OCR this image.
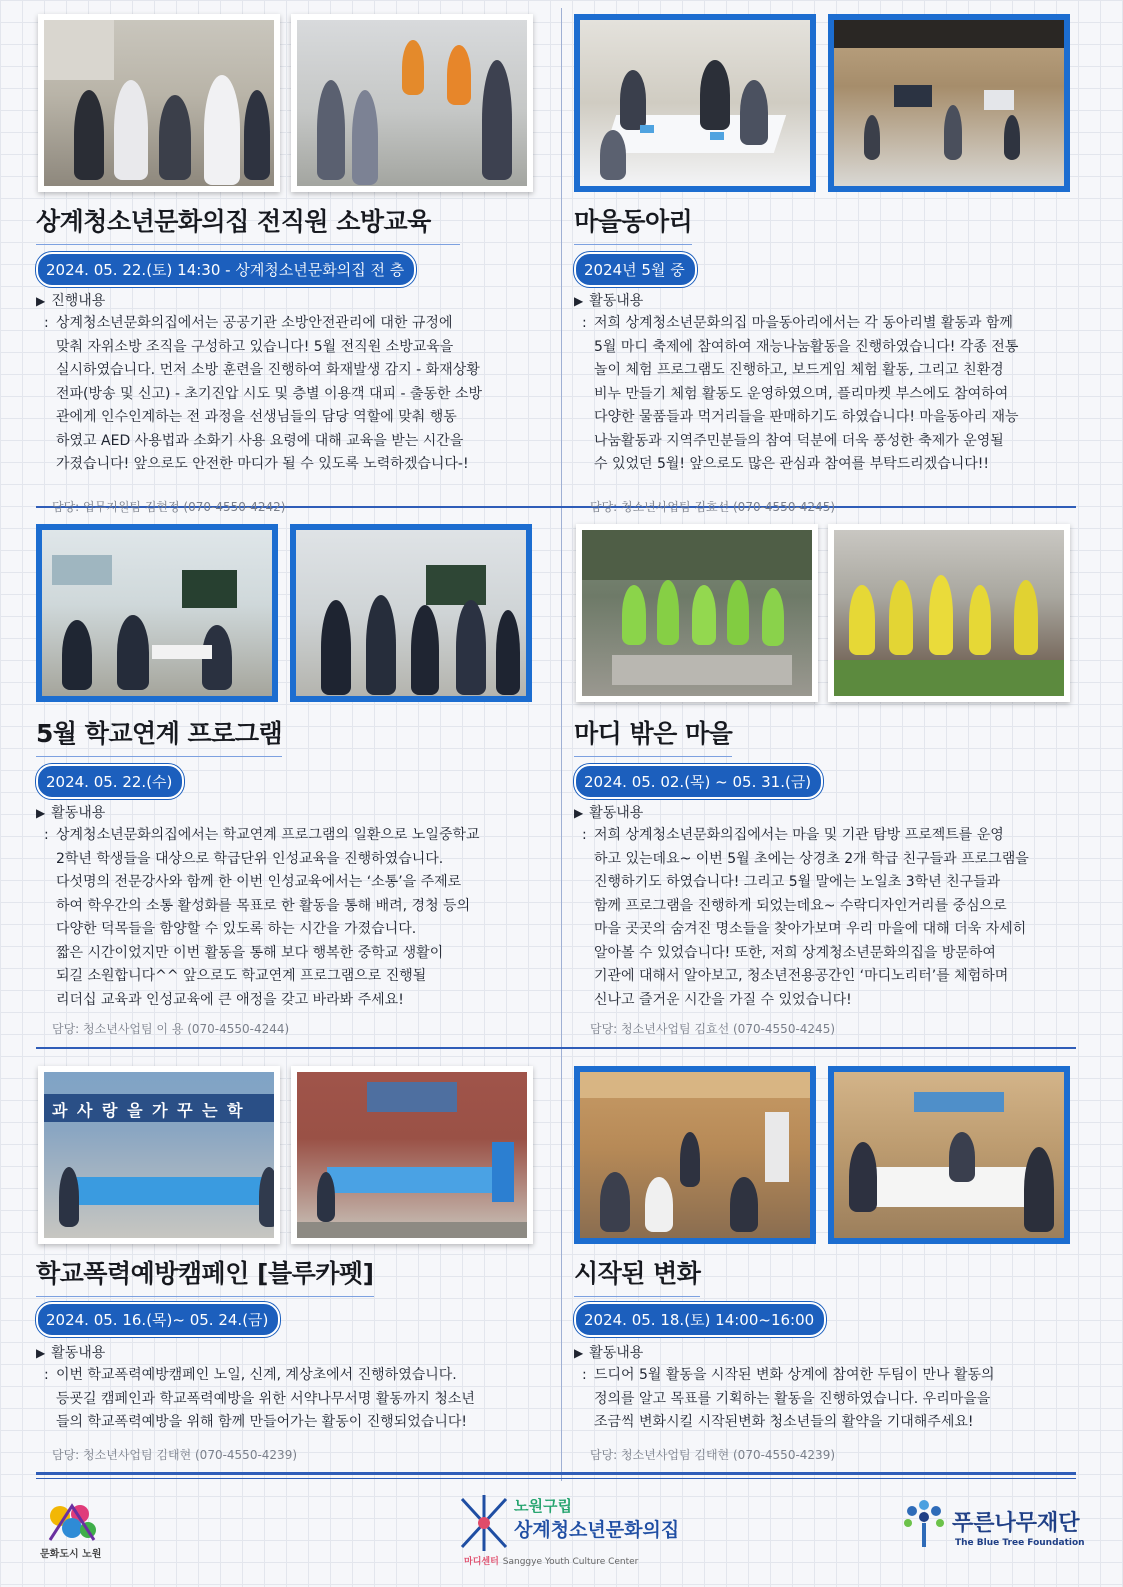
상계청소년문화의집 전직원 소방교육
2024. 05. 22.(토) 14:30 - 상계청소년문화의집 전 층
▶ 진행내용
: 상계청소년문화의집에서는 공공기관 소방안전관리에 대한 규정에
맞춰 자위소방 조직을 구성하고 있습니다! 5월 전직원 소방교육을
실시하였습니다. 먼저 소방 훈련을 진행하여 화재발생 감지 - 화재상황
전파(방송 및 신고) - 초기진압 시도 및 층별 이용객 대피 - 출동한 소방
관에게 인수인계하는 전 과정을 선생님들의 담당 역할에 맞춰 행동
하였고 AED 사용법과 소화기 사용 요령에 대해 교육을 받는 시간을
가졌습니다! 앞으로도 안전한 마디가 될 수 있도록 노력하겠습니다-!
담당: 업무지원팀 김현정 (070-4550-4242)
마을동아리
2024년 5월 중
▶ 활동내용
: 저희 상계청소년문화의집 마을동아리에서는 각 동아리별 활동과 함께
5월 마디 축제에 참여하여 재능나눔활동을 진행하였습니다! 각종 전통
놀이 체험 프로그램도 진행하고, 보드게임 체험 활동, 그리고 친환경
비누 만들기 체험 활동도 운영하였으며, 플리마켓 부스에도 참여하여
다양한 물품들과 먹거리들을 판매하기도 하였습니다! 마을동아리 재능
나눔활동과 지역주민분들의 참여 덕분에 더욱 풍성한 축제가 운영될
수 있었던 5월! 앞으로도 많은 관심과 참여를 부탁드리겠습니다!!
담당: 청소년사업팀 김효선 (070-4550-4245)
5월 학교연계 프로그램
2024. 05. 22.(수)
▶ 활동내용
: 상계청소년문화의집에서는 학교연계 프로그램의 일환으로 노일중학교
2학년 학생들을 대상으로 학급단위 인성교육을 진행하였습니다.
다섯명의 전문강사와 함께 한 이번 인성교육에서는 ‘소통’을 주제로
하여 학우간의 소통 활성화를 목표로 한 활동을 통해 배려, 경청 등의
다양한 덕목들을 함양할 수 있도록 하는 시간을 가졌습니다.
짧은 시간이었지만 이번 활동을 통해 보다 행복한 중학교 생활이
되길 소원합니다^^ 앞으로도 학교연계 프로그램으로 진행될
리더십 교육과 인성교육에 큰 애정을 갖고 바라봐 주세요!
담당: 청소년사업팀 이 용 (070-4550-4244)
마디 밖은 마을
2024. 05. 02.(목) ~ 05. 31.(금)
▶ 활동내용
: 저희 상계청소년문화의집에서는 마을 및 기관 탐방 프로젝트를 운영
하고 있는데요~ 이번 5월 초에는 상경초 2개 학급 친구들과 프로그램을
진행하기도 하였습니다! 그리고 5월 말에는 노일초 3학년 친구들과
함께 프로그램을 진행하게 되었는데요~ 수락디자인거리를 중심으로
마을 곳곳의 숨겨진 명소들을 찾아가보며 우리 마을에 대해 더욱 자세히
알아볼 수 있었습니다! 또한, 저희 상계청소년문화의집을 방문하여
기관에 대해서 알아보고, 청소년전용공간인 ‘마디노리터’를 체험하며
신나고 즐거운 시간을 가질 수 있었습니다!
담당: 청소년사업팀 김효선 (070-4550-4245)
과 사 랑 을 가 꾸 는 학
학교폭력예방캠페인 [블루카펫]
2024. 05. 16.(목)~ 05. 24.(금)
▶ 활동내용
: 이번 학교폭력예방캠페인 노일, 신계, 계상초에서 진행하였습니다.
등굣길 캠페인과 학교폭력예방을 위한 서약나무서명 활동까지 청소년
들의 학교폭력예방을 위해 함께 만들어가는 활동이 진행되었습니다!
담당: 청소년사업팀 김태현 (070-4550-4239)
시작된 변화
2024. 05. 18.(토) 14:00~16:00
▶ 활동내용
: 드디어 5월 활동을 시작된 변화 상계에 참여한 두팀이 만나 활동의
정의를 알고 목표를 기획하는 활동을 진행하였습니다. 우리마을을
조금씩 변화시킬 시작된변화 청소년들의 활약을 기대해주세요!
담당: 청소년사업팀 김태현 (070-4550-4239)
문화도시 노원
노원구립
상계청소년문화의집
마디센터 Sanggye Youth Culture Center
푸른나무재단
The Blue Tree Foundation
